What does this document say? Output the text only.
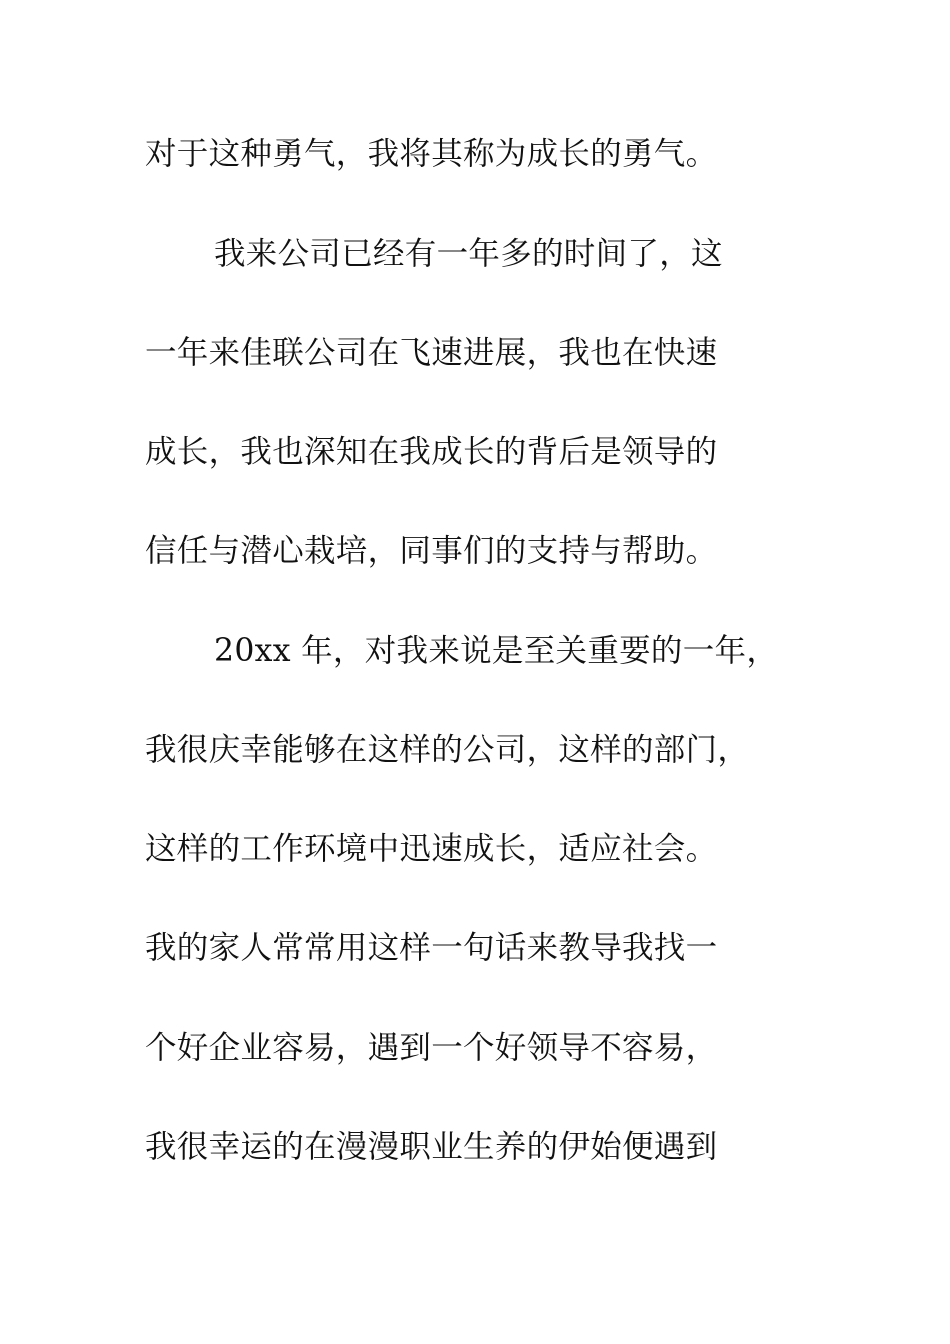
对于这种勇气，我将其称为成长的勇气。
我来公司已经有一年多的时间了，这
一年来佳联公司在飞速进展，我也在快速
成长，我也深知在我成长的背后是领导的
信任与潜心栽培，同事们的支持与帮助。
20xx 年，对我来说是至关重要的一年，
我很庆幸能够在这样的公司，这样的部门，
这样的工作环境中迅速成长，适应社会。
我的家人常常用这样一句话来教导我找一
个好企业容易，遇到一个好领导不容易，
我很幸运的在漫漫职业生养的伊始便遇到
